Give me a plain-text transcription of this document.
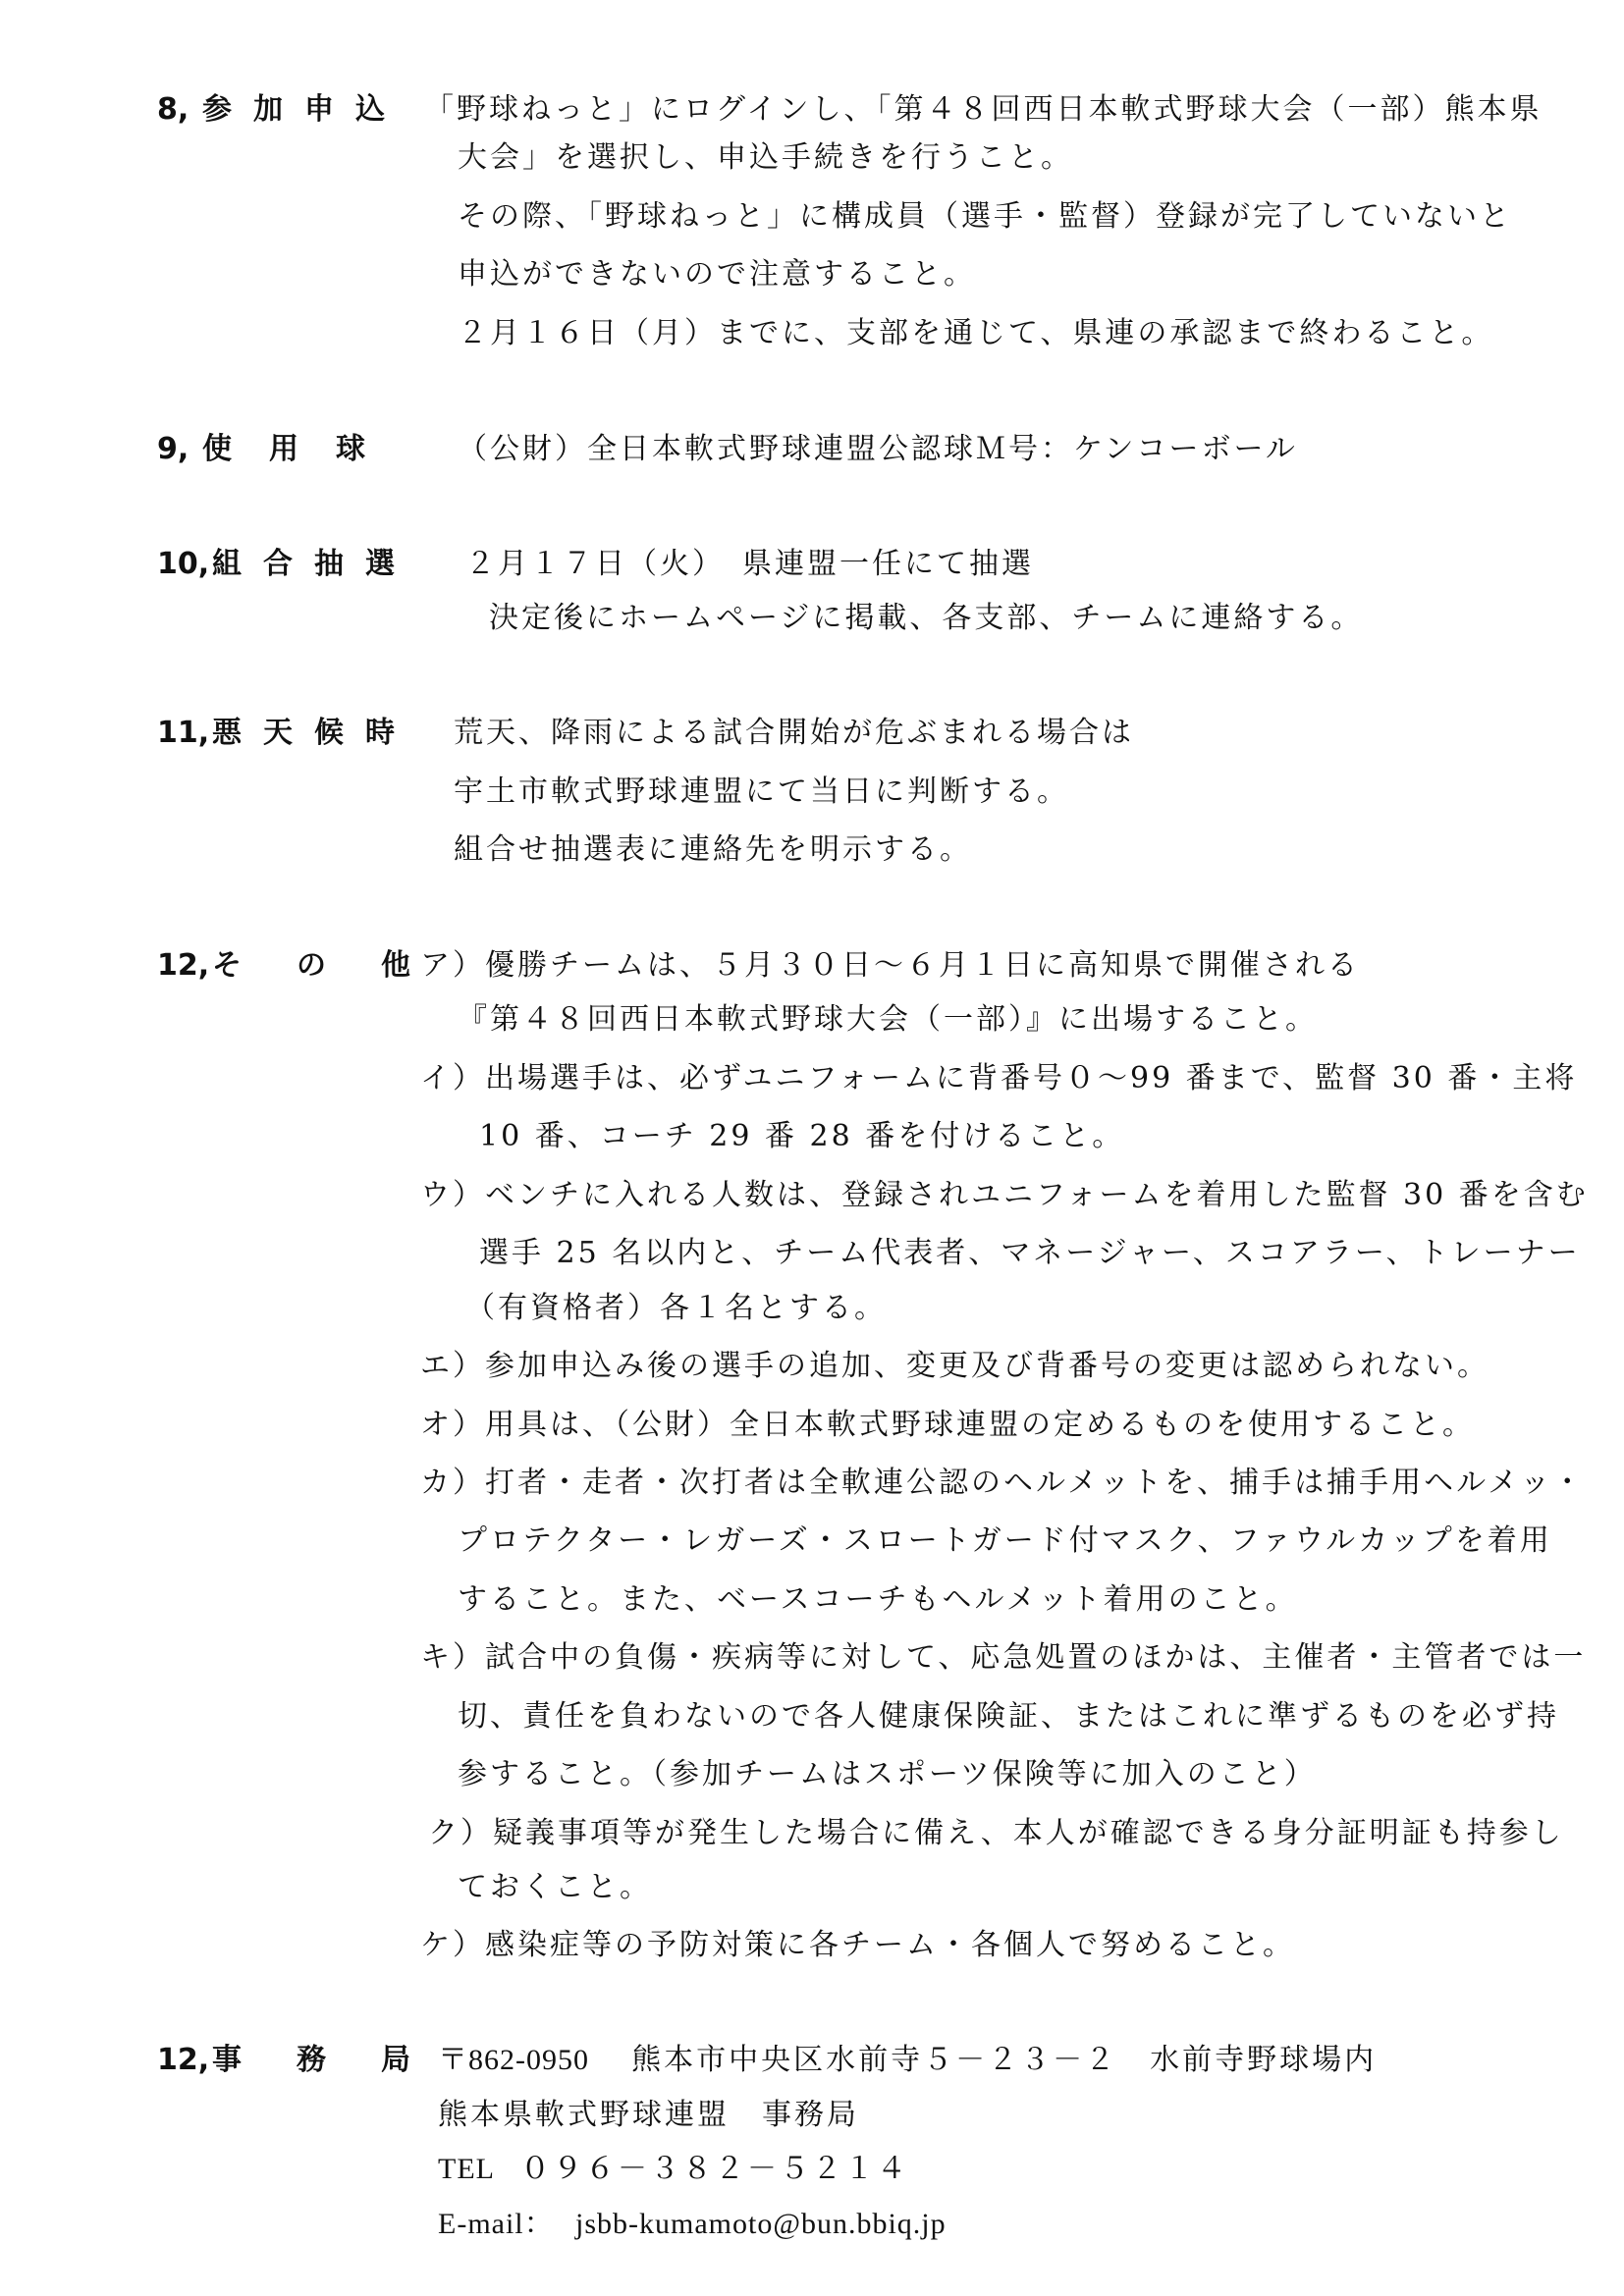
8, 参加申込 「野球ねっと」にログインし、「第４８回西日本軟式野球大会（一部）熊本県
大会」を選択し、申込手続きを行うこと。
その際、「野球ねっと」に構成員（選手・監督）登録が完了していないと
申込ができないので注意すること。
２月１６日（月）までに、支部を通じて、県連の承認まで終わること。
9, 使用球 （公財）全日本軟式野球連盟公認球Ｍ号：ケンコーボール
10,組合抽選 ２月１７日（火）　県連盟一任にて抽選
決定後にホームページに掲載、各支部、チームに連絡する。
11,悪天候時 荒天、降雨による試合開始が危ぶまれる場合は
宇土市軟式野球連盟にて当日に判断する。
組合せ抽選表に連絡先を明示する。
12,その他
ア）優勝チームは、５月３０日～６月１日に高知県で開催される
『第４８回西日本軟式野球大会（一部）』に出場すること。
イ）出場選手は、必ずユニフォームに背番号０～99 番まで、監督 30 番・主将
10 番、コーチ 29 番 28 番を付けること。
ウ）ベンチに入れる人数は、登録されユニフォームを着用した監督 30 番を含む
選手 25 名以内と、チーム代表者、マネージャー、スコアラー、トレーナー
（有資格者）各１名とする。
エ）参加申込み後の選手の追加、変更及び背番号の変更は認められない。
オ）用具は、（公財）全日本軟式野球連盟の定めるものを使用すること。
カ）打者・走者・次打者は全軟連公認のヘルメットを、捕手は捕手用ヘルメッ・
プロテクター・レガーズ・スロートガード付マスク、ファウルカップを着用
すること。また、ベースコーチもヘルメット着用のこと。
キ）試合中の負傷・疾病等に対して、応急処置のほかは、主催者・主管者では一
切、責任を負わないので各人健康保険証、またはこれに準ずるものを必ず持
参すること。（参加チームはスポーツ保険等に加入のこと）
ク）疑義事項等が発生した場合に備え、本人が確認できる身分証明証も持参し
ておくこと。
ケ）感染症等の予防対策に各チーム・各個人で努めること。
12,事務局
〒862-0950 熊本市中央区水前寺５－２３－２　水前寺野球場内
熊本県軟式野球連盟　事務局
TEL ０９６－３８２－５２１４
E-mail： jsbb-kumamoto@bun.bbiq.jp
